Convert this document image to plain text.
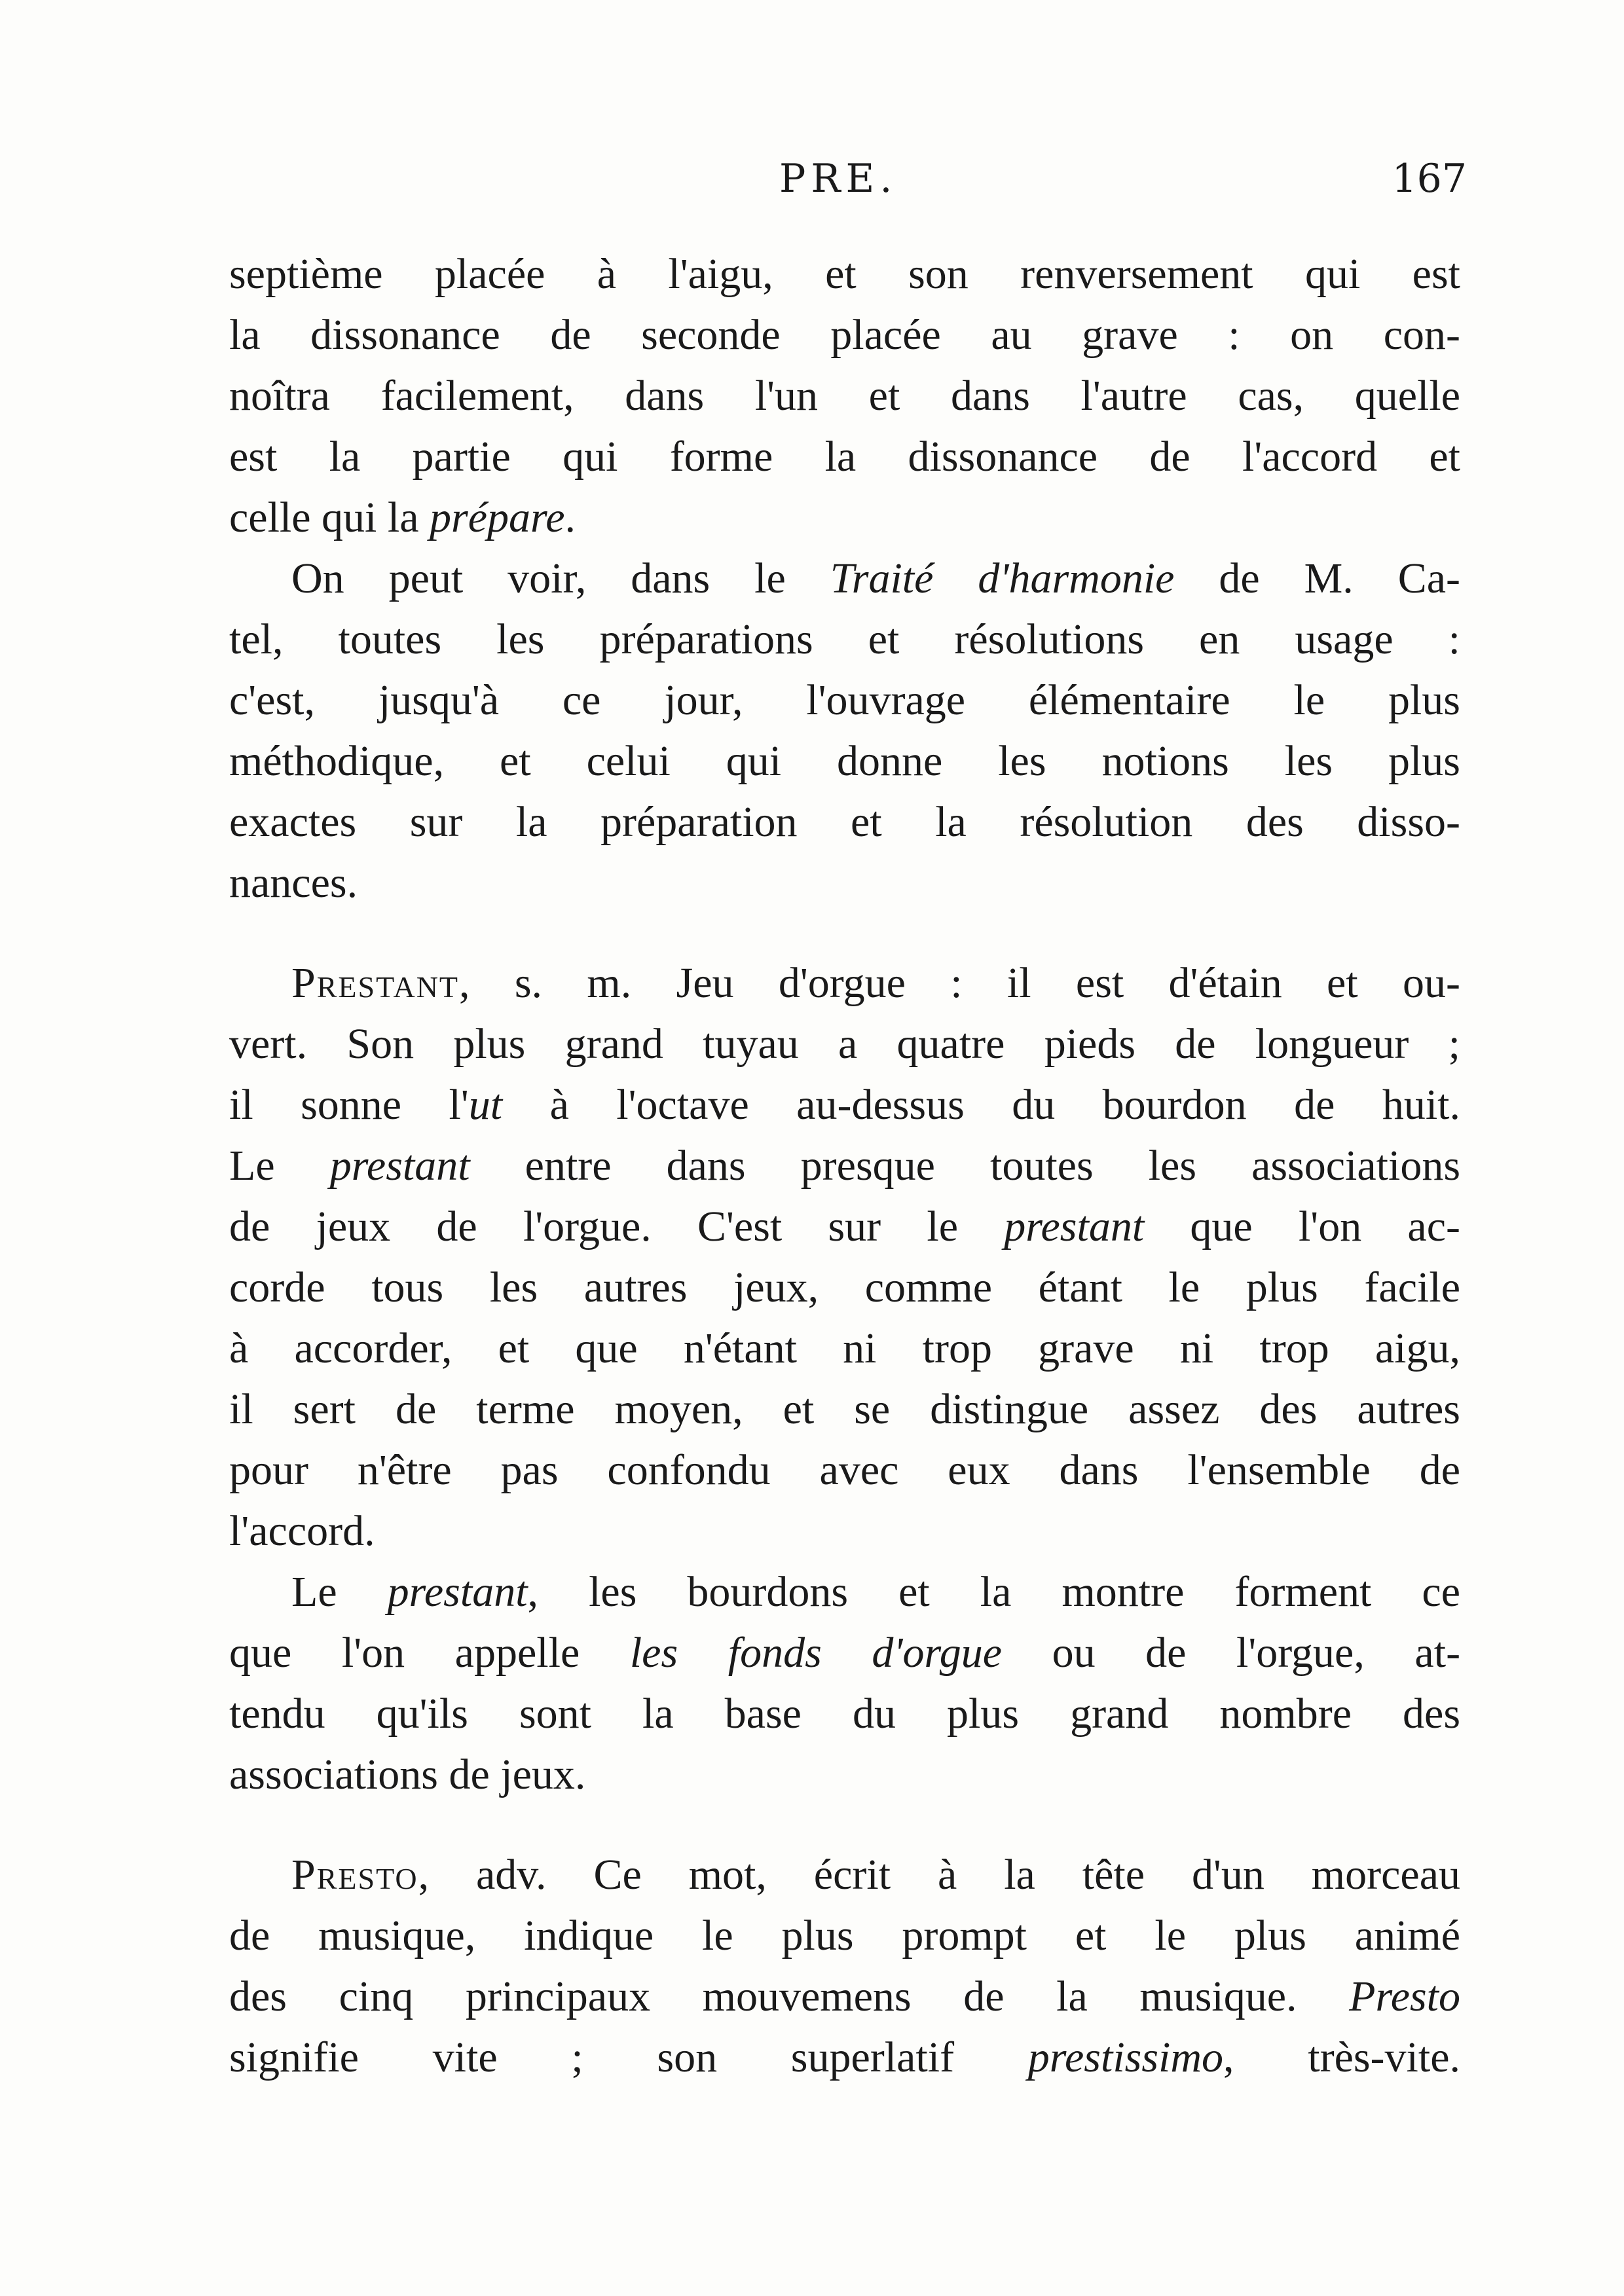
PRE.	167
septième placée à l'aigu, et son renversement qui est
la dissonance de seconde placée au grave : on con-
noîtra facilement, dans l'un et dans l'autre cas, quelle
est la partie qui forme la dissonance de l'accord et
celle qui la prépare.
On peut voir, dans le Traité d'harmonie de M. Ca-
tel, toutes les préparations et résolutions en usage :
c'est, jusqu'à ce jour, l'ouvrage élémentaire le plus
méthodique, et celui qui donne les notions les plus
exactes sur la préparation et la résolution des disso-
nances.
Prestant, s. m. Jeu d'orgue : il est d'étain et ou-
vert. Son plus grand tuyau a quatre pieds de longueur ;
il sonne l'ut à l'octave au-dessus du bourdon de huit.
Le prestant entre dans presque toutes les associations
de jeux de l'orgue. C'est sur le prestant que l'on ac-
corde tous les autres jeux, comme étant le plus facile
à accorder, et que n'étant ni trop grave ni trop aigu,
il sert de terme moyen, et se distingue assez des autres
pour n'être pas confondu avec eux dans l'ensemble de
l'accord.
Le prestant, les bourdons et la montre forment ce
que l'on appelle les fonds d'orgue ou de l'orgue, at-
tendu qu'ils sont la base du plus grand nombre des
associations de jeux.
Presto, adv. Ce mot, écrit à la tête d'un morceau
de musique, indique le plus prompt et le plus animé
des cinq principaux mouvemens de la musique. Presto
signifie vite ; son superlatif prestissimo, très-vite.
